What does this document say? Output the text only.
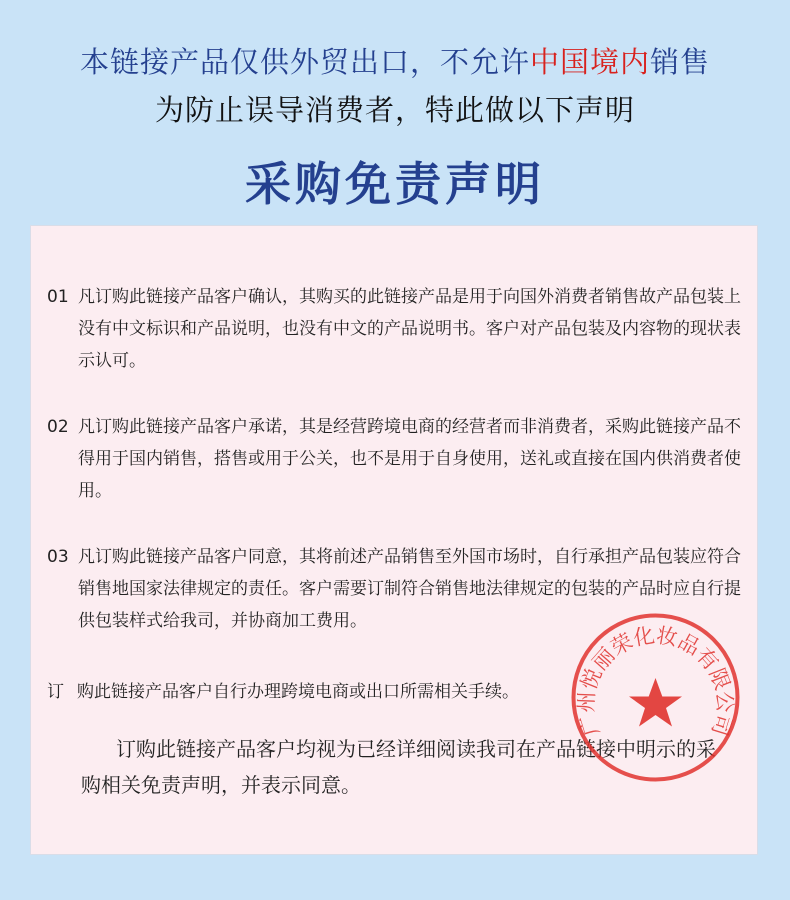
本链接产品仅供外贸出口，不允许中国境内销售
为防止误导消费者，特此做以下声明
采购免责声明
01 凡订购此链接产品客户确认，其购买的此链接产品是用于向国外消费者销售故产品包装上没有中文标识和产品说明，也没有中文的产品说明书。客户对产品包装及内容物的现状表示认可。
02 凡订购此链接产品客户承诺，其是经营跨境电商的经营者而非消费者，采购此链接产品不得用于国内销售，搭售或用于公关，也不是用于自身使用，送礼或直接在国内供消费者使用。
03 凡订购此链接产品客户同意，其将前述产品销售至外国市场时，自行承担产品包装应符合销售地国家法律规定的责任。客户需要订制符合销售地法律规定的包装的产品时应自行提供包装样式给我司，并协商加工费用。
订 购此链接产品客户自行办理跨境电商或出口所需相关手续。
订购此链接产品客户均视为已经详细阅读我司在产品链接中明示的采购相关免责声明，并表示同意。
广州悦丽荣化妆品有限公司
